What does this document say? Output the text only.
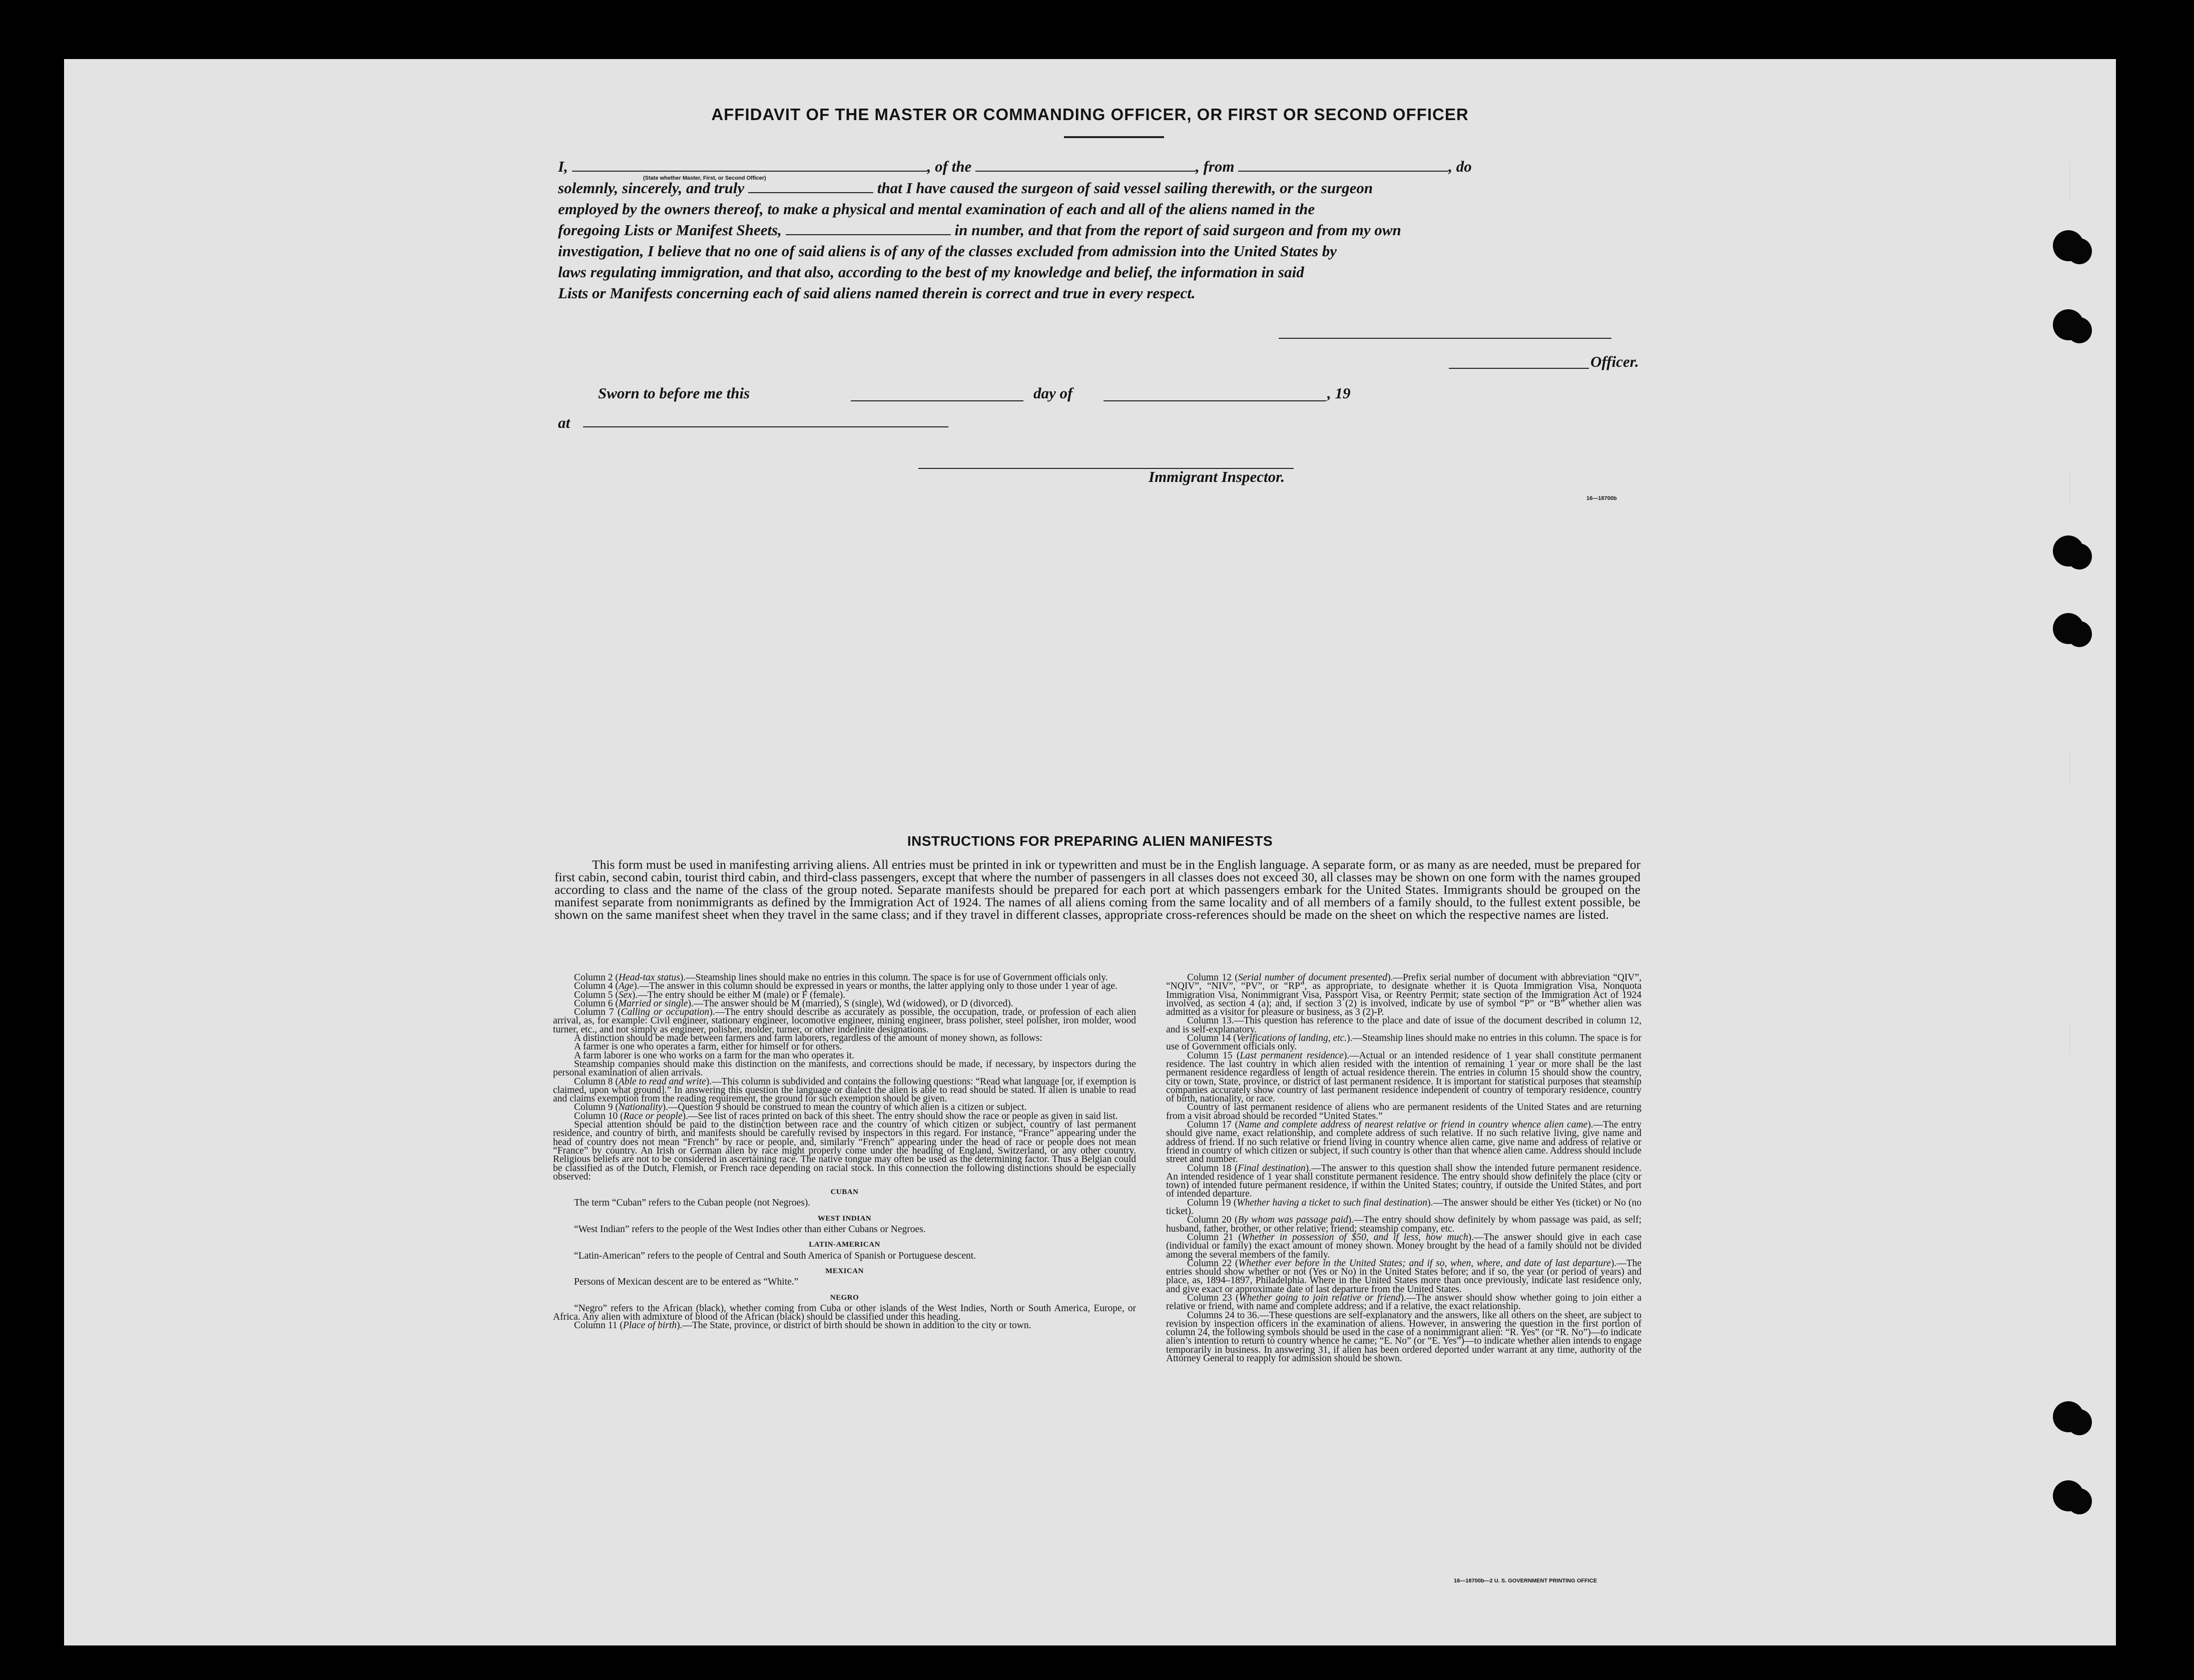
AFFIDAVIT OF THE MASTER OR COMMANDING OFFICER, OR FIRST OR SECOND OFFICER
I,	, of the	, from	, do
(State whether Master, First, or Second Officer)
solemnly, sincerely, and truly	that I have caused the surgeon of said vessel sailing therewith, or the surgeon
employed by the owners thereof, to make a physical and mental examination of each and all of the aliens named in the
foregoing Lists or Manifest Sheets,	in number, and that from the report of said surgeon and from my own
investigation, I believe that no one of said aliens is of any of the classes excluded from admission into the United States by
laws regulating immigration, and that also, according to the best of my knowledge and belief, the information in said
Lists or Manifests concerning each of said aliens named therein is correct and true in every respect.
Officer.
Sworn to before me this	day of	, 19
at
Immigrant Inspector.
16—18700b
INSTRUCTIONS FOR PREPARING ALIEN MANIFESTS
This form must be used in manifesting arriving aliens. All entries must be printed in ink or typewritten and must be in the English language. A separate form, or as many as are needed, must be prepared for first cabin, second cabin, tourist third cabin, and third-class passengers, except that where the number of passengers in all classes does not exceed 30, all classes may be shown on one form with the names grouped according to class and the name of the class of the group noted. Separate manifests should be prepared for each port at which passengers embark for the United States. Immigrants should be grouped on the manifest separate from nonimmigrants as defined by the Immigration Act of 1924. The names of all aliens coming from the same locality and of all members of a family should, to the fullest extent possible, be shown on the same manifest sheet when they travel in the same class; and if they travel in different classes, appropriate cross-references should be made on the sheet on which the respective names are listed.

Column 2 (Head-tax status).—Steamship lines should make no entries in this column. The space is for use of Government officials only.

Column 4 (Age).—The answer in this column should be expressed in years or months, the latter applying only to those under 1 year of age.

Column 5 (Sex).—The entry should be either M (male) or F (female).

Column 6 (Married or single).—The answer should be M (married), S (single), Wd (widowed), or D (divorced).

Column 7 (Calling or occupation).—The entry should describe as accurately as possible, the occupation, trade, or profession of each alien arrival, as, for example: Civil engineer, stationary engineer, locomotive engineer, mining engineer, brass polisher, steel polisher, iron molder, wood turner, etc., and not simply as engineer, polisher, molder, turner, or other indefinite designations.

A distinction should be made between farmers and farm laborers, regardless of the amount of money shown, as follows:

A farmer is one who operates a farm, either for himself or for others.

A farm laborer is one who works on a farm for the man who operates it.

Steamship companies should make this distinction on the manifests, and corrections should be made, if necessary, by inspectors during the personal examination of alien arrivals.

Column 8 (Able to read and write).—This column is subdivided and contains the following questions: “Read what language [or, if exemption is claimed, upon what ground].” In answering this question the language or dialect the alien is able to read should be stated. If alien is unable to read and claims exemption from the reading requirement, the ground for such exemption should be given.

Column 9 (Nationality).—Question 9 should be construed to mean the country of which alien is a citizen or subject.

Column 10 (Race or people).—See list of races printed on back of this sheet. The entry should show the race or people as given in said list.

Special attention should be paid to the distinction between race and the country of which citizen or subject, country of last permanent residence, and country of birth, and manifests should be carefully revised by inspectors in this regard. For instance, “France” appearing under the head of country does not mean “French” by race or people, and, similarly “French” appearing under the head of race or people does not mean “France” by country. An Irish or German alien by race might properly come under the heading of England, Switzerland, or any other country. Religious beliefs are not to be considered in ascertaining race. The native tongue may often be used as the determining factor. Thus a Belgian could be classified as of the Dutch, Flemish, or French race depending on racial stock. In this connection the following distinctions should be especially observed:

CUBAN

The term “Cuban” refers to the Cuban people (not Negroes).

WEST INDIAN

“West Indian” refers to the people of the West Indies other than either Cubans or Negroes.

LATIN-AMERICAN

“Latin-American” refers to the people of Central and South America of Spanish or Portuguese descent.

MEXICAN

Persons of Mexican descent are to be entered as “White.”

NEGRO

“Negro” refers to the African (black), whether coming from Cuba or other islands of the West Indies, North or South America, Europe, or Africa. Any alien with admixture of blood of the African (black) should be classified under this heading.

Column 11 (Place of birth).—The State, province, or district of birth should be shown in addition to the city or town.

Column 12 (Serial number of document presented).—Prefix serial number of document with abbreviation “QIV”, “NQIV”, “NIV”, “PV”, or “RP”, as appropriate, to designate whether it is Quota Immigration Visa, Nonquota Immigration Visa, Nonimmigrant Visa, Passport Visa, or Reentry Permit; state section of the Immigration Act of 1924 involved, as section 4 (a); and, if section 3 (2) is involved, indicate by use of symbol “P” or “B” whether alien was admitted as a visitor for pleasure or business, as 3 (2)-P.

Column 13.—This question has reference to the place and date of issue of the document described in column 12, and is self-explanatory.

Column 14 (Verifications of landing, etc.).—Steamship lines should make no entries in this column. The space is for use of Government officials only.

Column 15 (Last permanent residence).—Actual or an intended residence of 1 year shall constitute permanent residence. The last country in which alien resided with the intention of remaining 1 year or more shall be the last permanent residence regardless of length of actual residence therein. The entries in column 15 should show the country, city or town, State, province, or district of last permanent residence. It is important for statistical purposes that steamship companies accurately show country of last permanent residence independent of country of temporary residence, country of birth, nationality, or race.

Country of last permanent residence of aliens who are permanent residents of the United States and are returning from a visit abroad should be recorded “United States.”

Column 17 (Name and complete address of nearest relative or friend in country whence alien came).—The entry should give name, exact relationship, and complete address of such relative. If no such relative living, give name and address of friend. If no such relative or friend living in country whence alien came, give name and address of relative or friend in country of which citizen or subject, if such country is other than that whence alien came. Address should include street and number.

Column 18 (Final destination).—The answer to this question shall show the intended future permanent residence. An intended residence of 1 year shall constitute permanent residence. The entry should show definitely the place (city or town) of intended future permanent residence, if within the United States; country, if outside the United States, and port of intended departure.

Column 19 (Whether having a ticket to such final destination).—The answer should be either Yes (ticket) or No (no ticket).

Column 20 (By whom was passage paid).—The entry should show definitely by whom passage was paid, as self; husband, father, brother, or other relative; friend; steamship company, etc.

Column 21 (Whether in possession of $50, and if less, how much).—The answer should give in each case (individual or family) the exact amount of money shown. Money brought by the head of a family should not be divided among the several members of the family.

Column 22 (Whether ever before in the United States; and if so, when, where, and date of last departure).—The entries should show whether or not (Yes or No) in the United States before; and if so, the year (or period of years) and place, as, 1894–1897, Philadelphia. Where in the United States more than once previously, indicate last residence only, and give exact or approximate date of last departure from the United States.

Column 23 (Whether going to join relative or friend).—The answer should show whether going to join either a relative or friend, with name and complete address; and if a relative, the exact relationship.

Columns 24 to 36.—These questions are self-explanatory and the answers, like all others on the sheet, are subject to revision by inspection officers in the examination of aliens. However, in answering the question in the first portion of column 24, the following symbols should be used in the case of a nonimmigrant alien: “R. Yes” (or “R. No”)—to indicate alien’s intention to return to country whence he came; “E. No” (or “E. Yes”)—to indicate whether alien intends to engage temporarily in business. In answering 31, if alien has been ordered deported under warrant at any time, authority of the Attorney General to reapply for admission should be shown.

16—18700b—2 U. S. GOVERNMENT PRINTING OFFICE
